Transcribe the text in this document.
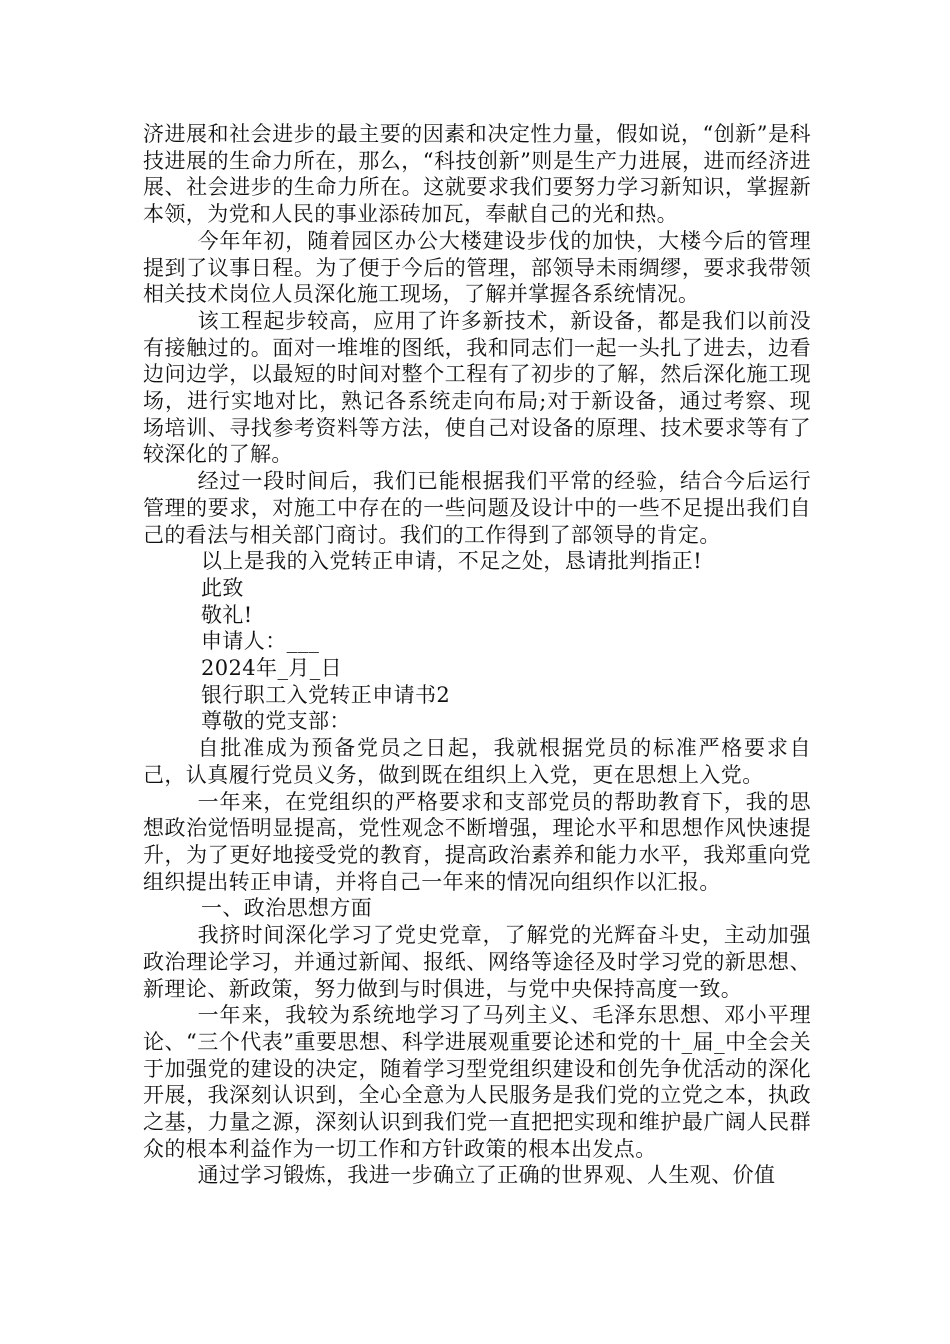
济进展和社会进步的最主要的因素和决定性力量，假如说，“创新”是科技进展的生命力所在，那么，“科技创新”则是生产力进展，进而经济进展、社会进步的生命力所在。这就要求我们要努力学习新知识，掌握新本领，为党和人民的事业添砖加瓦，奉献自己的光和热。

今年年初，随着园区办公大楼建设步伐的加快，大楼今后的管理提到了议事日程。为了便于今后的管理，部领导未雨绸缪，要求我带领相关技术岗位人员深化施工现场，了解并掌握各系统情况。

该工程起步较高，应用了许多新技术，新设备，都是我们以前没有接触过的。面对一堆堆的图纸，我和同志们一起一头扎了进去，边看边问边学，以最短的时间对整个工程有了初步的了解，然后深化施工现场，进行实地对比，熟记各系统走向布局;对于新设备，通过考察、现场培训、寻找参考资料等方法，使自己对设备的原理、技术要求等有了较深化的了解。

经过一段时间后，我们已能根据我们平常的经验，结合今后运行管理的要求，对施工中存在的一些问题及设计中的一些不足提出我们自己的看法与相关部门商讨。我们的工作得到了部领导的肯定。

以上是我的入党转正申请，不足之处，恳请批判指正!

此致

敬礼!

申请人：___

2024年_月_日

银行职工入党转正申请书2

尊敬的党支部：

自批准成为预备党员之日起，我就根据党员的标准严格要求自己，认真履行党员义务，做到既在组织上入党，更在思想上入党。

一年来，在党组织的严格要求和支部党员的帮助教育下，我的思想政治觉悟明显提高，党性观念不断增强，理论水平和思想作风快速提升，为了更好地接受党的教育，提高政治素养和能力水平，我郑重向党组织提出转正申请，并将自己一年来的情况向组织作以汇报。

一、政治思想方面

我挤时间深化学习了党史党章，了解党的光辉奋斗史，主动加强政治理论学习，并通过新闻、报纸、网络等途径及时学习党的新思想、新理论、新政策，努力做到与时俱进，与党中央保持高度一致。

一年来，我较为系统地学习了马列主义、毛泽东思想、邓小平理论、“三个代表”重要思想、科学进展观重要论述和党的十_届_中全会关于加强党的建设的决定，随着学习型党组织建设和创先争优活动的深化开展，我深刻认识到，全心全意为人民服务是我们党的立党之本，执政之基，力量之源，深刻认识到我们党一直把把实现和维护最广阔人民群众的根本利益作为一切工作和方针政策的根本出发点。

通过学习锻炼，我进一步确立了正确的世界观、人生观、价值
